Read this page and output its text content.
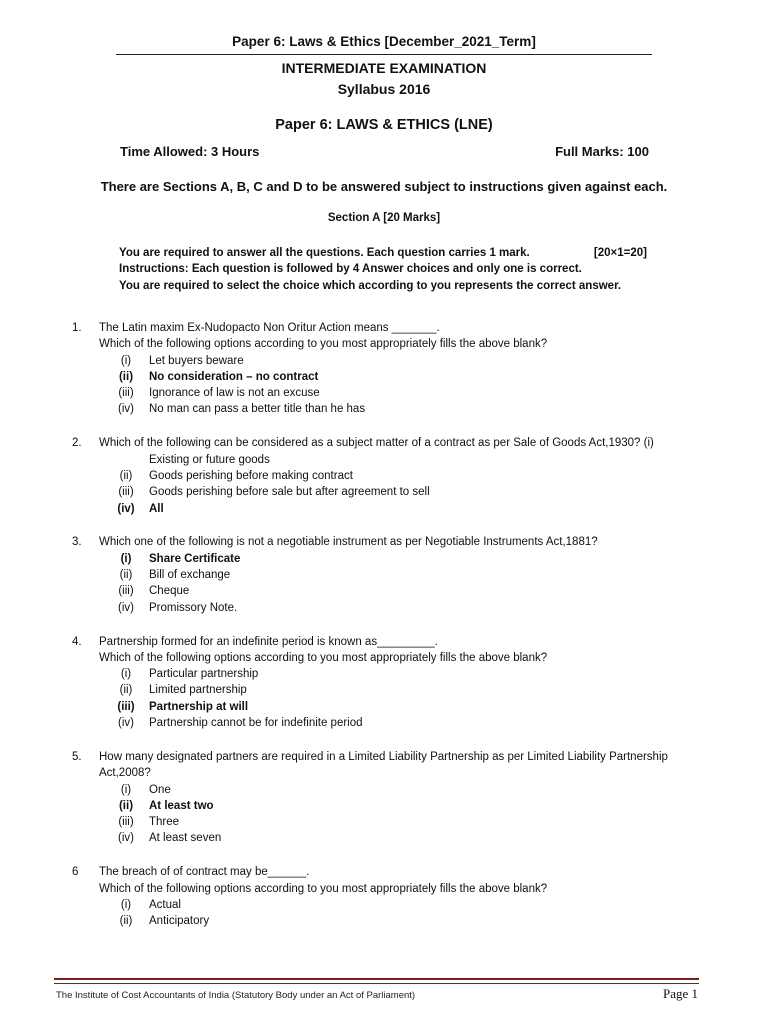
Paper 6: Laws & Ethics [December_2021_Term]
INTERMEDIATE EXAMINATION
Syllabus 2016
Paper 6: LAWS & ETHICS (LNE)
Time Allowed: 3 Hours	Full Marks: 100
There are Sections A, B, C and D to be answered subject to instructions given against each.
Section A [20 Marks]
You are required to answer all the questions. Each question carries 1 mark.	[20×1=20]
Instructions: Each question is followed by 4 Answer choices and only one is correct.
You are required to select the choice which according to you represents the correct answer.
1. The Latin maxim Ex-Nudopacto Non Oritur Action means _______.
Which of the following options according to you most appropriately fills the above blank?
(i)	Let buyers beware
(ii)	No consideration – no contract
(iii)	Ignorance of law is not an excuse
(iv)	No man can pass a better title than he has
2. Which of the following can be considered as a subject matter of a contract as per Sale of Goods Act,1930? (i)
Existing or future goods
(ii)	Goods perishing before making contract
(iii)	Goods perishing before sale but after agreement to sell
(iv)	All
3. Which one of the following is not a negotiable instrument as per Negotiable Instruments Act,1881?
(i)	Share Certificate
(ii)	Bill of exchange
(iii)	Cheque
(iv)	Promissory Note.
4. Partnership formed for an indefinite period is known as_________.
Which of the following options according to you most appropriately fills the above blank?
(i)	Particular partnership
(ii)	Limited partnership
(iii)	Partnership at will
(iv)	Partnership cannot be for indefinite period
5. How many designated partners are required in a Limited Liability Partnership as per Limited Liability Partnership
Act,2008?
(i)	One
(ii)	At least two
(iii)	Three
(iv)	At least seven
6 The breach of of contract may be______.
Which of the following options according to you most appropriately fills the above blank?
(i)	Actual
(ii)	Anticipatory
The Institute of Cost Accountants of India (Statutory Body under an Act of Parliament)	Page 1
